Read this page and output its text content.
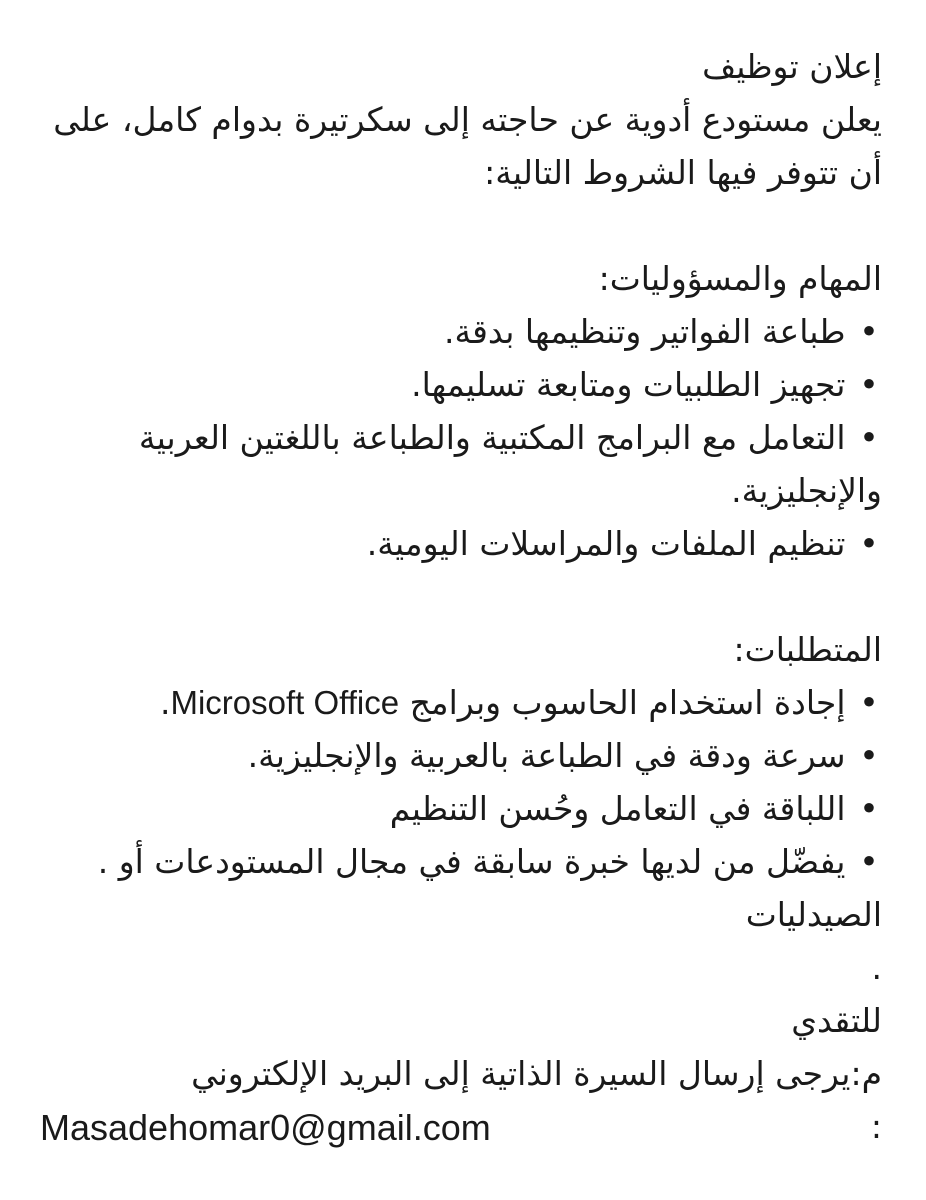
إعلان توظيف
يعلن مستودع أدوية عن حاجته إلى سكرتيرة بدوام كامل، على
أن تتوفر فيها الشروط التالية:
المهام والمسؤوليات:
• طباعة الفواتير وتنظيمها بدقة.
• تجهيز الطلبيات ومتابعة تسليمها.
• التعامل مع البرامج المكتبية والطباعة باللغتين العربية
والإنجليزية.
• تنظيم الملفات والمراسلات اليومية.
المتطلبات:
• إجادة استخدام الحاسوب وبرامج Microsoft Office.
• سرعة ودقة في الطباعة بالعربية والإنجليزية.
• اللباقة في التعامل وحُسن التنظيم
• يفضّل من لديها خبرة سابقة في مجال المستودعات أو .
الصيدليات
.
للتقدي
م:يرجى إرسال السيرة الذاتية إلى البريد الإلكتروني
:
Masadehomar0@gmail.com
